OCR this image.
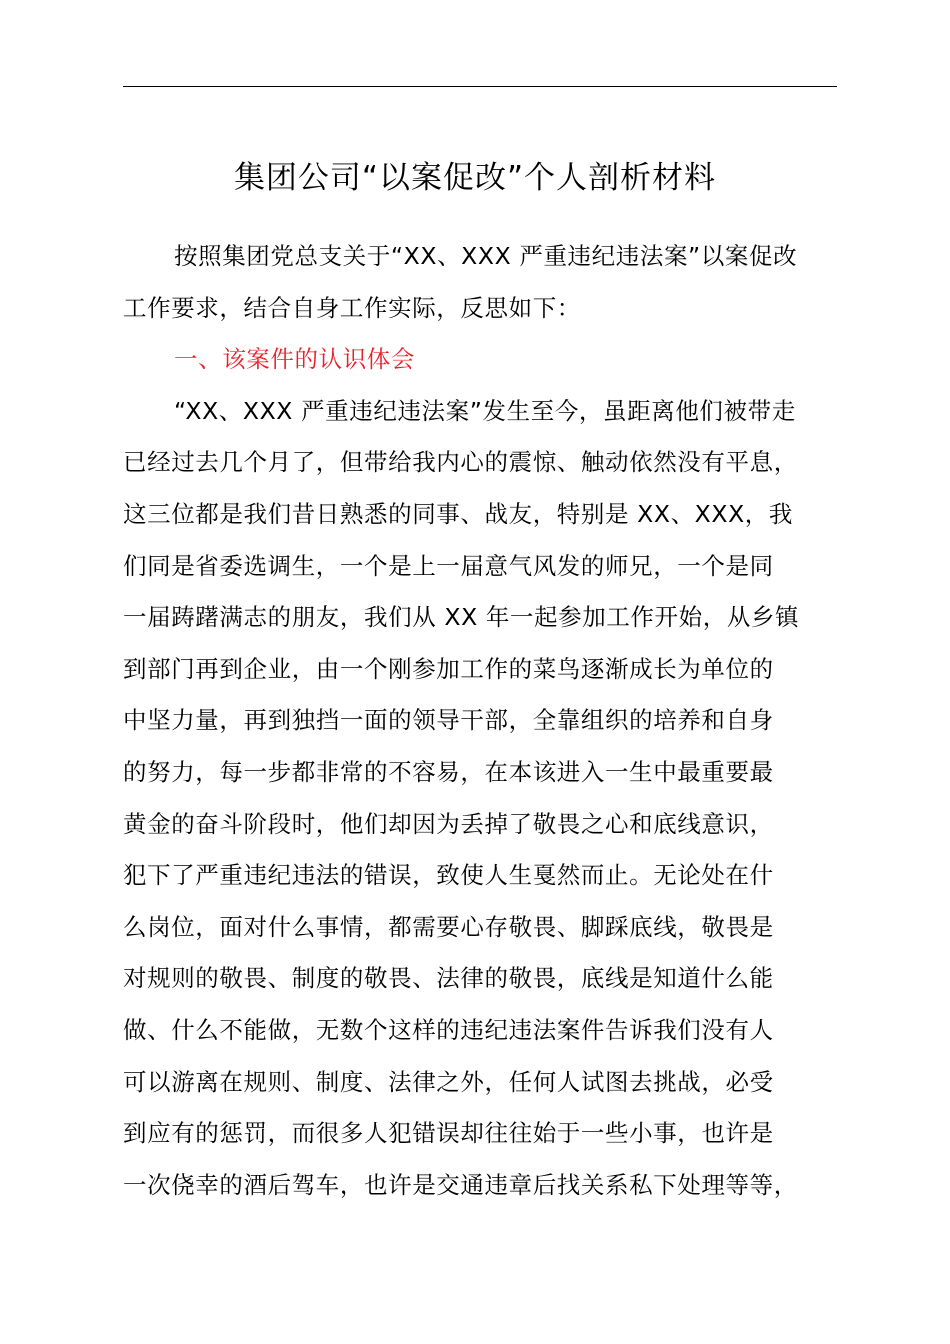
集团公司“以案促改”个人剖析材料
按照集团党总支关于“XX、XXX 严重违纪违法案”以案促改
工作要求，结合自身工作实际，反思如下：
一、该案件的认识体会
“XX、XXX 严重违纪违法案”发生至今，虽距离他们被带走
已经过去几个月了，但带给我内心的震惊、触动依然没有平息，
这三位都是我们昔日熟悉的同事、战友，特别是 XX、XXX，我
们同是省委选调生，一个是上一届意气风发的师兄，一个是同
一届踌躇满志的朋友，我们从 XX 年一起参加工作开始，从乡镇
到部门再到企业，由一个刚参加工作的菜鸟逐渐成长为单位的
中坚力量，再到独挡一面的领导干部，全靠组织的培养和自身
的努力，每一步都非常的不容易，在本该进入一生中最重要最
黄金的奋斗阶段时，他们却因为丢掉了敬畏之心和底线意识，
犯下了严重违纪违法的错误，致使人生戛然而止。无论处在什
么岗位，面对什么事情，都需要心存敬畏、脚踩底线，敬畏是
对规则的敬畏、制度的敬畏、法律的敬畏，底线是知道什么能
做、什么不能做，无数个这样的违纪违法案件告诉我们没有人
可以游离在规则、制度、法律之外，任何人试图去挑战，必受
到应有的惩罚，而很多人犯错误却往往始于一些小事，也许是
一次侥幸的酒后驾车，也许是交通违章后找关系私下处理等等，
